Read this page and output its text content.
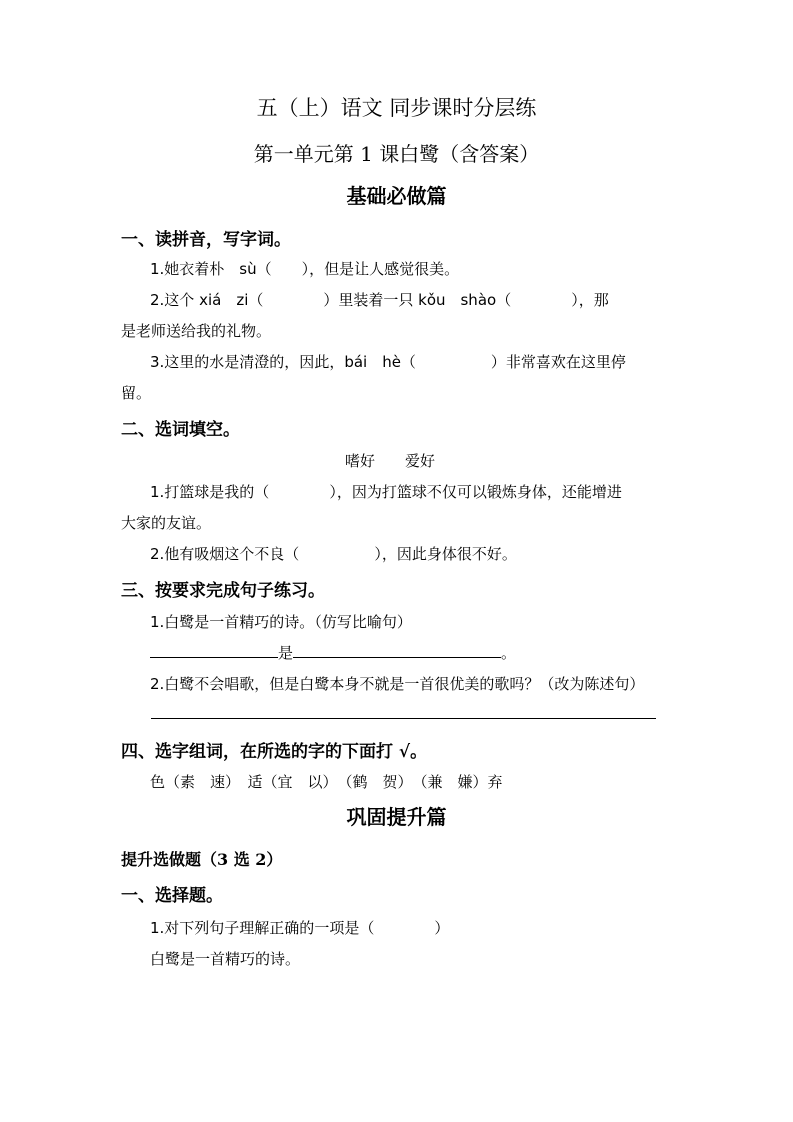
五（上）语文 同步课时分层练
第一单元第 1 课白鹭（含答案）
基础必做篇
一、读拼音，写字词。
1.她衣着朴　sù（　　），但是让人感觉很美。
2.这个 xiá　zi（　　　　）里装着一只 kǒu　shào（　　　　），那
是老师送给我的礼物。
3.这里的水是清澄的，因此，bái　hè（　　　　　）非常喜欢在这里停
留。
二、选词填空。
嗜好　　爱好
1.打篮球是我的（　　　　），因为打篮球不仅可以锻炼身体，还能增进
大家的友谊。
2.他有吸烟这个不良（　　　　　），因此身体很不好。
三、按要求完成句子练习。
1.白鹭是一首精巧的诗。（仿写比喻句）
是	。
2.白鹭不会唱歌，但是白鹭本身不就是一首很优美的歌吗？（改为陈述句）
四、选字组词，在所选的字的下面打 √。
色（素　速）　适（宜　以）　（鹤　贺）　（兼　嫌）弃
巩固提升篇
提升选做题（3 选 2）
一、选择题。
1.对下列句子理解正确的一项是（　　　　）
白鹭是一首精巧的诗。
